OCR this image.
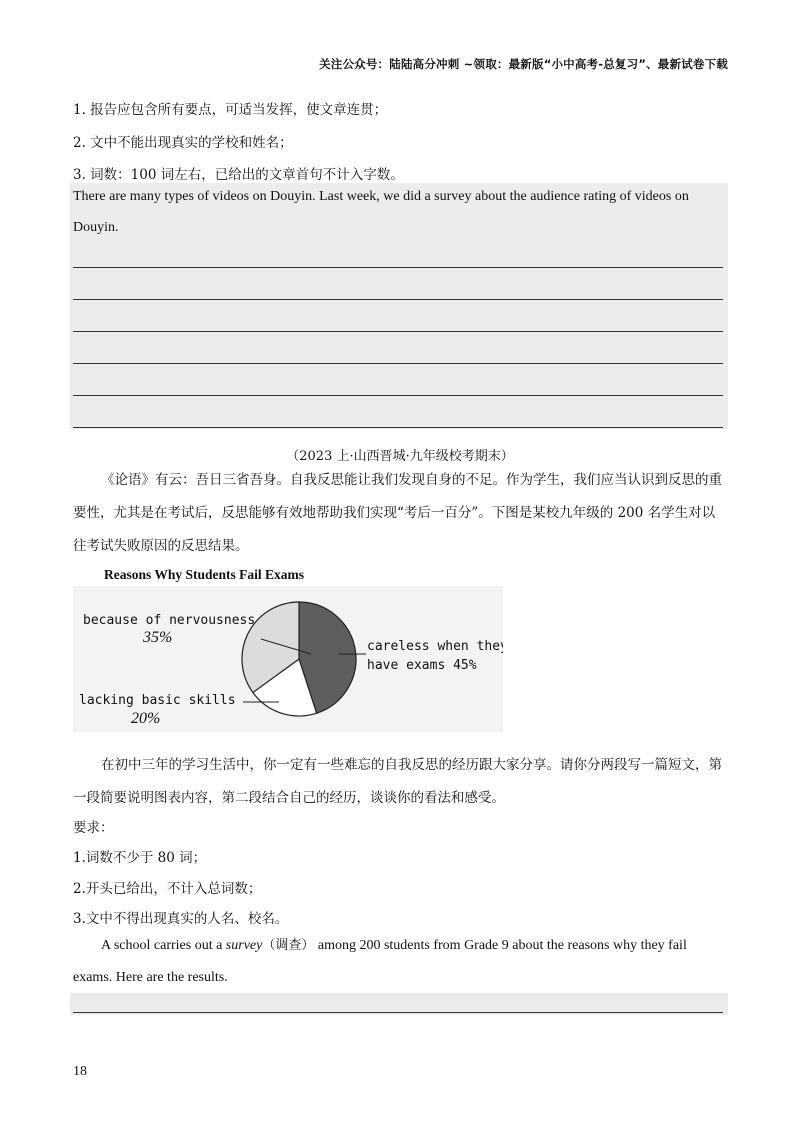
关注公众号：陆陆高分冲刺 ~领取：最新版“小中高考-总复习”、最新试卷下载
1. 报告应包含所有要点，可适当发挥，使文章连贯；
2. 文中不能出现真实的学校和姓名；
3. 词数：100 词左右，已给出的文章首句不计入字数。

There are many types of videos on Douyin. Last week, we did a survey about the audience rating of videos on

Douyin.

（2023 上·山西晋城·九年级校考期末）
《论语》有云：吾日三省吾身。自我反思能让我们发现自身的不足。作为学生，我们应当认识到反思的重要性，尤其是在考试后，反思能够有效地帮助我们实现“考后一百分”。下图是某校九年级的 200 名学生对以往考试失败原因的反思结果。
Reasons Why Students Fail Exams
because of nervousness
35%
careless when they have exams 45%
lacking basic skills
20%
在初中三年的学习生活中，你一定有一些难忘的自我反思的经历跟大家分享。请你分两段写一篇短文，第一段简要说明图表内容，第二段结合自己的经历，谈谈你的看法和感受。
要求：
1.词数不少于 80 词；
2.开头已给出，不计入总词数；
3.文中不得出现真实的人名、校名。
A school carries out a survey（调查） among 200 students from Grade 9 about the reasons why they fail
exams. Here are the results.
18
